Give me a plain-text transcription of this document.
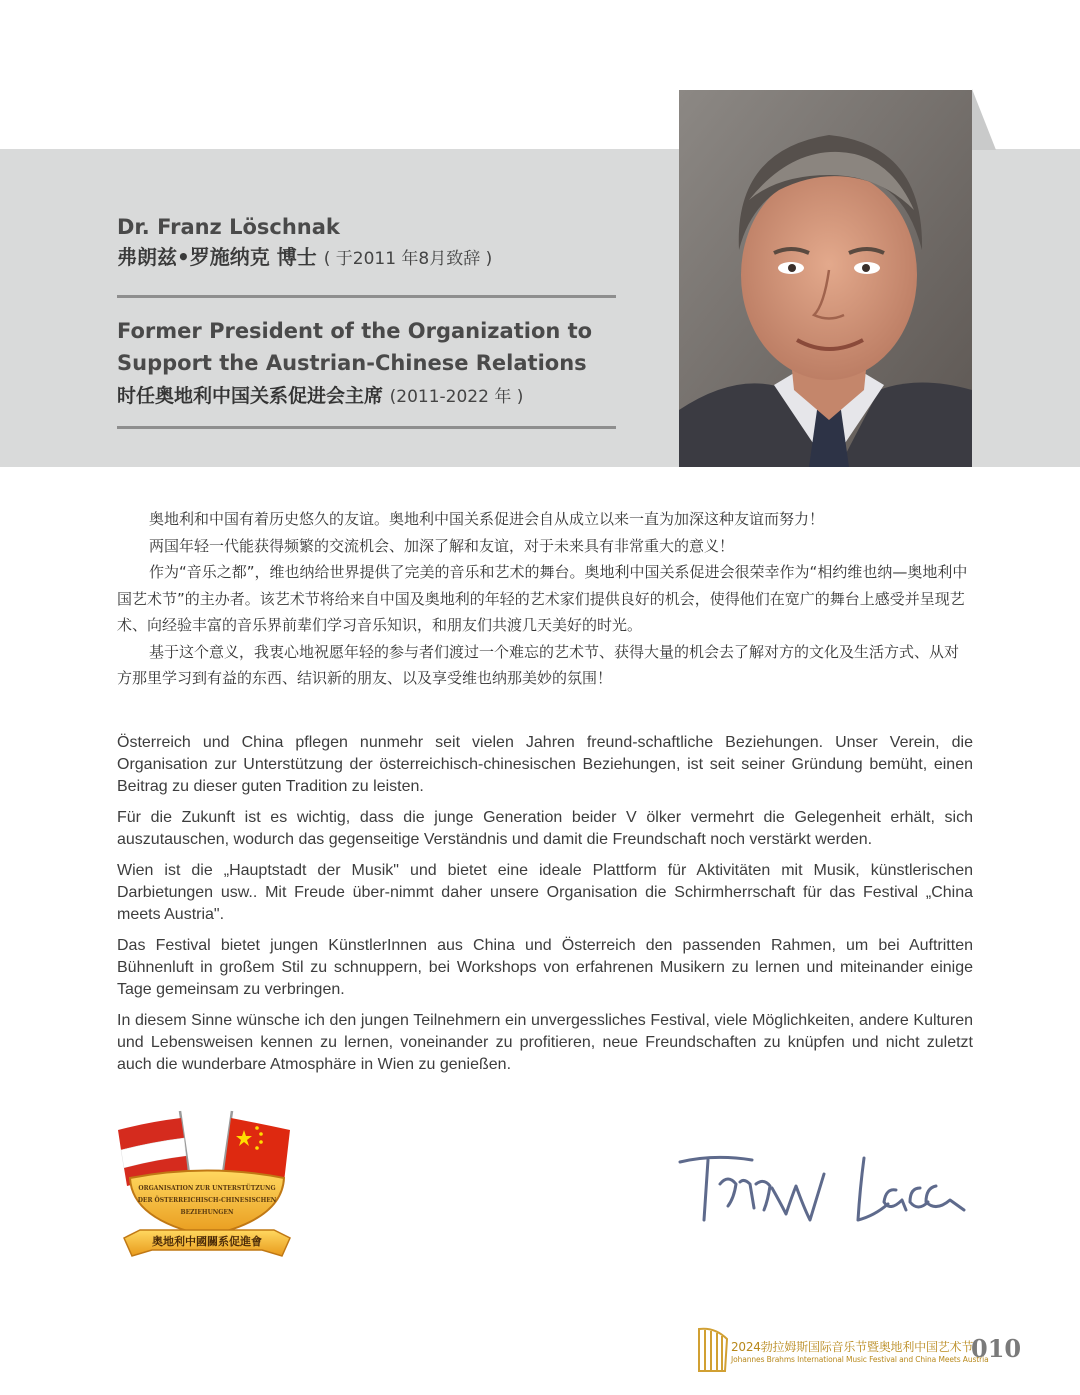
Dr. Franz Löschnak

弗朗兹•罗施纳克 博士 ( 于2011 年8月致辞 )

Former President of the Organization to

Support the Austrian-Chinese Relations

时任奥地利中国关系促进会主席 (2011-2022 年 )

奥地利和中国有着历史悠久的友谊。奥地利中国关系促进会自从成立以来一直为加深这种友谊而努力！

两国年轻一代能获得频繁的交流机会、加深了解和友谊，对于未来具有非常重大的意义！

作为“音乐之都”，维也纳给世界提供了完美的音乐和艺术的舞台。奥地利中国关系促进会很荣幸作为“相约维也纳—奥地利中国艺术节”的主办者。该艺术节将给来自中国及奥地利的年轻的艺术家们提供良好的机会，使得他们在宽广的舞台上感受并呈现艺术、向经验丰富的音乐界前辈们学习音乐知识，和朋友们共渡几天美好的时光。

基于这个意义，我衷心地祝愿年轻的参与者们渡过一个难忘的艺术节、获得大量的机会去了解对方的文化及生活方式、从对方那里学习到有益的东西、结识新的朋友、以及享受维也纳那美妙的氛围！

Österreich und China pflegen nunmehr seit vielen Jahren freund-schaftliche Beziehungen. Unser Verein, die Organisation zur Unterstützung der österreichisch-chinesischen Beziehungen, ist seit seiner Gründung bemüht, einen Beitrag zu dieser guten Tradition zu leisten.

Für die Zukunft ist es wichtig, dass die junge Generation beider V ölker vermehrt die Gelegenheit erhält, sich auszutauschen, wodurch das gegenseitige Verständnis und damit die Freundschaft noch verstärkt werden.

Wien ist die „Hauptstadt der Musik" und bietet eine ideale Plattform für Aktivitäten mit Musik, künstlerischen Darbietungen usw.. Mit Freude über-nimmt daher unsere Organisation die Schirmherrschaft für das Festival „China meets Austria".

Das Festival bietet jungen KünstlerInnen aus China und Österreich den passenden Rahmen, um bei Auftritten Bühnenluft in großem Stil zu schnuppern, bei Workshops von erfahrenen Musikern zu lernen und miteinander einige Tage gemeinsam zu verbringen.

In diesem Sinne wünsche ich den jungen Teilnehmern ein unvergessliches Festival, viele Möglichkeiten, andere Kulturen und Lebensweisen kennen zu lernen, voneinander zu profitieren, neue Freundschaften zu knüpfen und nicht zuletzt auch die wunderbare Atmosphäre in Wien zu genießen.

ORGANISATION ZUR UNTERSTÜTZUNG
DER ÖSTERREICHISCH-CHINESISCHEN
BEZIEHUNGEN
奥地利中國關系促進會
2024勃拉姆斯国际音乐节暨奥地利中国艺术节
Johannes Brahms International Music Festival and China Meets Austria
010
